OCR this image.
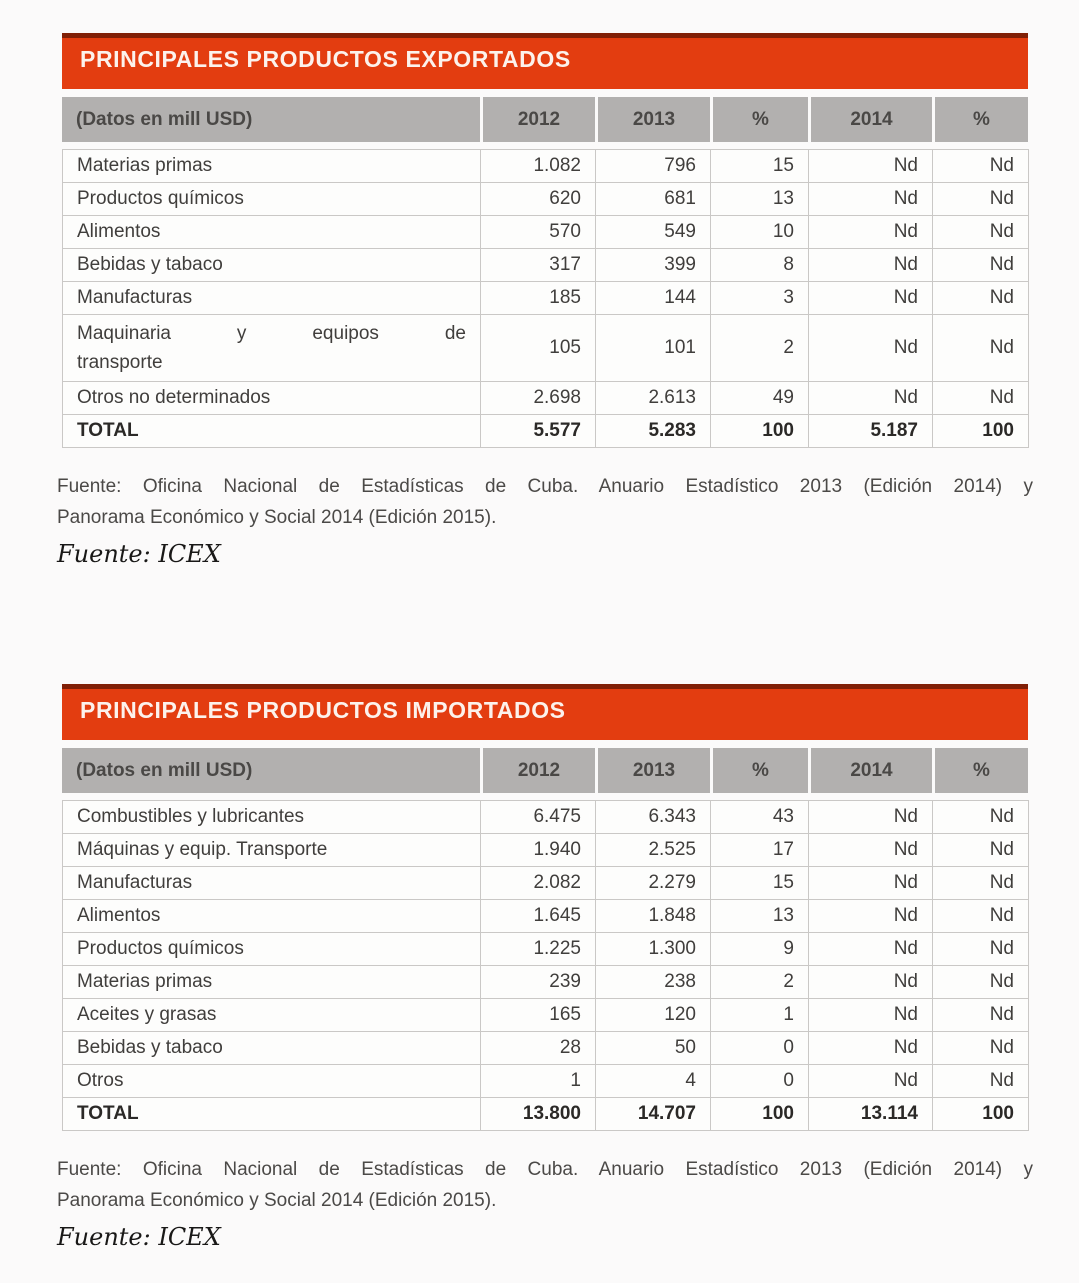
PRINCIPALES PRODUCTOS EXPORTADOS
(Datos en mill USD)	2012	2013	%	2014	%
Materias primas	1.082	796	15	Nd	Nd
Productos químicos	620	681	13	Nd	Nd
Alimentos	570	549	10	Nd	Nd
Bebidas y tabaco	317	399	8	Nd	Nd
Manufacturas	185	144	3	Nd	Nd

Maquinaria y equipos de
transporte	105	101	2	Nd	Nd
Otros no determinados	2.698	2.613	49	Nd	Nd
TOTAL	5.577	5.283	100	5.187	100

Fuente: Oficina Nacional de Estadísticas de Cuba. Anuario Estadístico 2013 (Edición 2014) y
Panorama Económico y Social 2014 (Edición 2015).

Fuente: ICEX

PRINCIPALES PRODUCTOS IMPORTADOS
(Datos en mill USD)	2012	2013	%	2014	%
Combustibles y lubricantes	6.475	6.343	43	Nd	Nd
Máquinas y equip. Transporte	1.940	2.525	17	Nd	Nd
Manufacturas	2.082	2.279	15	Nd	Nd
Alimentos	1.645	1.848	13	Nd	Nd
Productos químicos	1.225	1.300	9	Nd	Nd
Materias primas	239	238	2	Nd	Nd
Aceites y grasas	165	120	1	Nd	Nd
Bebidas y tabaco	28	50	0	Nd	Nd
Otros	1	4	0	Nd	Nd
TOTAL	13.800	14.707	100	13.114	100

Fuente: Oficina Nacional de Estadísticas de Cuba. Anuario Estadístico 2013 (Edición 2014) y
Panorama Económico y Social 2014 (Edición 2015).

Fuente: ICEX
